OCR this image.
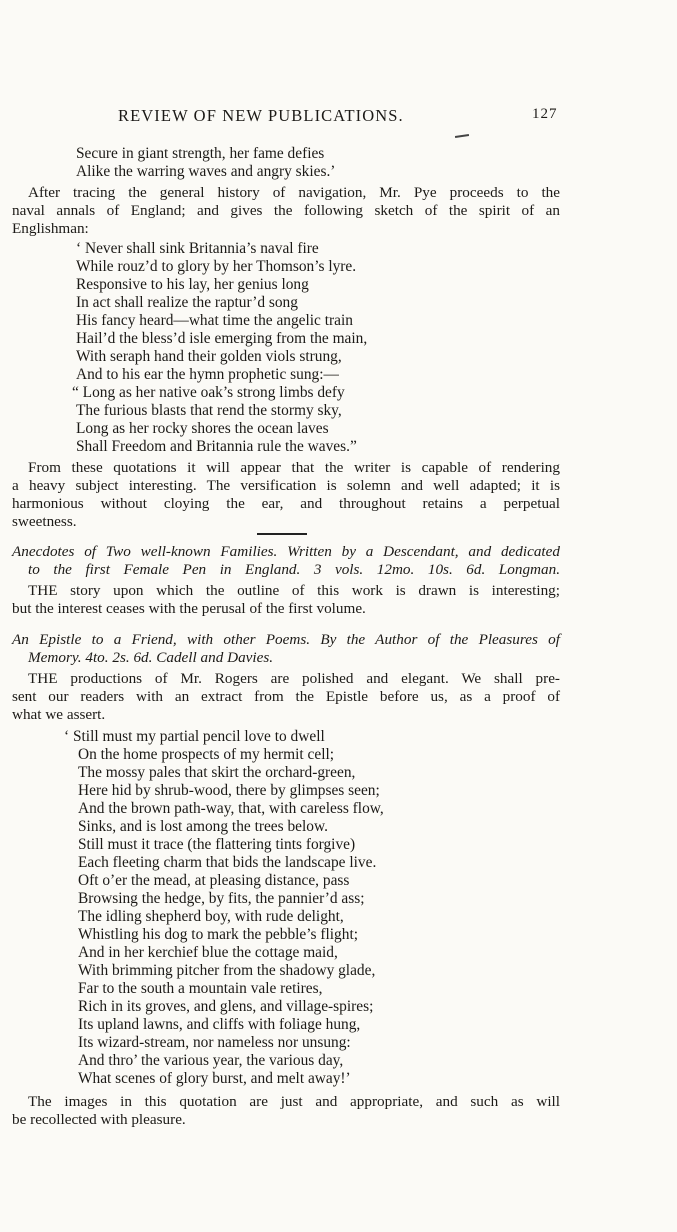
REVIEW OF NEW PUBLICATIONS.	127
Secure in giant strength, her fame defies
Alike the warring waves and angry skies.’
After tracing the general history of navigation, Mr. Pye proceeds to the
naval annals of England; and gives the following sketch of the spirit of an
Englishman:
‘ Never shall sink Britannia’s naval fire
While rouz’d to glory by her Thomson’s lyre.
Responsive to his lay, her genius long
In act shall realize the raptur’d song
His fancy heard—what time the angelic train
Hail’d the bless’d isle emerging from the main,
With seraph hand their golden viols strung,
And to his ear the hymn prophetic sung:—
“ Long as her native oak’s strong limbs defy
The furious blasts that rend the stormy sky,
Long as her rocky shores the ocean laves
Shall Freedom and Britannia rule the waves.”
From these quotations it will appear that the writer is capable of rendering
a heavy subject interesting. The versification is solemn and well adapted; it is
harmonious without cloying the ear, and throughout retains a perpetual
sweetness.
Anecdotes of Two well-known Families. Written by a Descendant, and dedicated
to the first Female Pen in England. 3 vols. 12mo. 10s. 6d. Longman.
THE story upon which the outline of this work is drawn is interesting;
but the interest ceases with the perusal of the first volume.
An Epistle to a Friend, with other Poems. By the Author of the Pleasures of
Memory. 4to. 2s. 6d. Cadell and Davies.
THE productions of Mr. Rogers are polished and elegant. We shall pre-
sent our readers with an extract from the Epistle before us, as a proof of
what we assert.
‘ Still must my partial pencil love to dwell
On the home prospects of my hermit cell;
The mossy pales that skirt the orchard-green,
Here hid by shrub-wood, there by glimpses seen;
And the brown path-way, that, with careless flow,
Sinks, and is lost among the trees below.
Still must it trace (the flattering tints forgive)
Each fleeting charm that bids the landscape live.
Oft o’er the mead, at pleasing distance, pass
Browsing the hedge, by fits, the pannier’d ass;
The idling shepherd boy, with rude delight,
Whistling his dog to mark the pebble’s flight;
And in her kerchief blue the cottage maid,
With brimming pitcher from the shadowy glade,
Far to the south a mountain vale retires,
Rich in its groves, and glens, and village-spires;
Its upland lawns, and cliffs with foliage hung,
Its wizard-stream, nor nameless nor unsung:
And thro’ the various year, the various day,
What scenes of glory burst, and melt away!’
The images in this quotation are just and appropriate, and such as will
be recollected with pleasure.
